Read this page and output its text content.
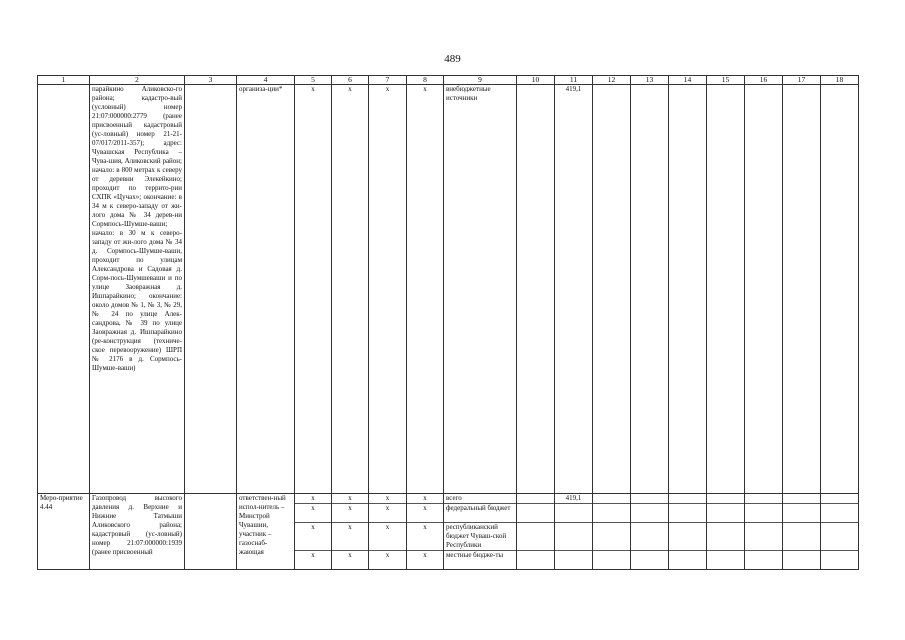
489
1	2	3	4	5	6	7	8	9	10	11	12	13	14	15	16	17	18
	парайкино Аликовско-го района; кадастро-вый (условный) номер 21:07:000000:2779 (ранее присвоенный кадастровый (ус-ловный) номер 21-21-07/017/2011-357); адрес: Чувашская Республика – Чува-шия, Аликовский район; начало: в 800 метрах к северу от деревни Элекейкино; проходит по террито-рии СХПК «Цучах»; окончание: в 34 м к северо-западу от жи-лого дома № 34 дерев-ни Сормпось-Шумше-ваши; начало: в 30 м к северо-западу от жи-лого дома № 34 д. Сормпось-Шумше-ваши, проходит по улицам Александрова и Садовая д. Сорм-пось-Шумшеваши и по улице Заовражная д. Ишпарайкино; окончание: около домов № 1, № 3, № 29, № 24 по улице Алек-сандрова, № 39 по улице Заовражная д. Ишпарайкино (ре-конструкция (техниче-ское перевооружение) ШРП № 2176 в д. Сормпось-Шумше-ваши)		организа-ции*	x	x	x	x	внебюджетные источники		419,1							
Меро-приятие 4.44	Газопровод высокого давления д. Верхние и Нижние Татмыши Аликовского района; кадастровый (ус-ловный) номер 21:07:000000:1939 (ранее присвоенный		ответствен-ный испол-нитель – Минстрой Чувашии, участник – газоснаб-жающая	x	x	x	x	всего		419,1							
				x	x	x	x	федеральный бюджет									
				x	x	x	x	республиканский бюджет Чуваш-ской Республики									
				x	x	x	x	местные бюдже-ты									
